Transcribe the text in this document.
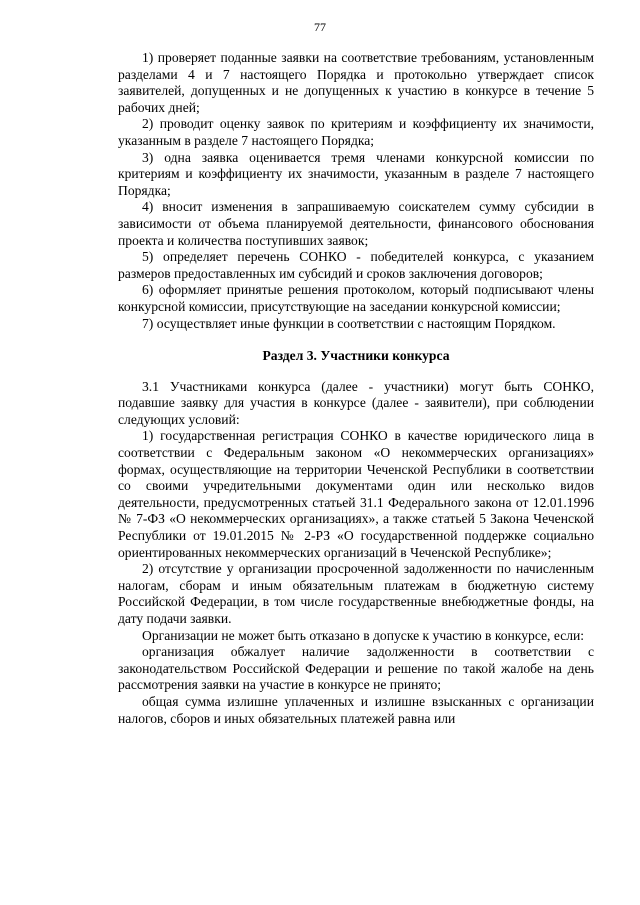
77

1) проверяет поданные заявки на соответствие требованиям, установленным разделами 4 и 7 настоящего Порядка и протокольно утверждает список заявителей, допущенных и не допущенных к участию в конкурсе в течение 5 рабочих дней;

2) проводит оценку заявок по критериям и коэффициенту их значимости, указанным в разделе 7 настоящего Порядка;

3) одна заявка оценивается тремя членами конкурсной комиссии по критериям и коэффициенту их значимости, указанным в разделе 7 настоящего Порядка;

4) вносит изменения в запрашиваемую соискателем сумму субсидии в зависимости от объема планируемой деятельности, финансового обоснования проекта и количества поступивших заявок;

5) определяет перечень СОНКО - победителей конкурса, с указанием размеров предоставленных им субсидий и сроков заключения договоров;

6) оформляет принятые решения протоколом, который подписывают члены конкурсной комиссии, присутствующие на заседании конкурсной комиссии;

7) осуществляет иные функции в соответствии с настоящим Порядком.

Раздел 3. Участники конкурса

3.1 Участниками конкурса (далее - участники) могут быть СОНКО, подавшие заявку для участия в конкурсе (далее - заявители), при соблюдении следующих условий:

1) государственная регистрация СОНКО в качестве юридического лица в соответствии с Федеральным законом «О некоммерческих организациях» формах, осуществляющие на территории Чеченской Республики в соответствии со своими учредительными документами один или несколько видов деятельности, предусмотренных статьей 31.1 Федерального закона от 12.01.1996 № 7-ФЗ «О некоммерческих организациях», а также статьей 5 Закона Чеченской Республики от 19.01.2015 № 2-РЗ «О государственной поддержке социально ориентированных некоммерческих организаций в Чеченской Республике»;

2) отсутствие у организации просроченной задолженности по начисленным налогам, сборам и иным обязательным платежам в бюджетную систему Российской Федерации, в том числе государственные внебюджетные фонды, на дату подачи заявки.

Организации не может быть отказано в допуске к участию в конкурсе, если:

организация обжалует наличие задолженности в соответствии с законодательством Российской Федерации и решение по такой жалобе на день рассмотрения заявки на участие в конкурсе не принято;

общая сумма излишне уплаченных и излишне взысканных с организации налогов, сборов и иных обязательных платежей равна или
